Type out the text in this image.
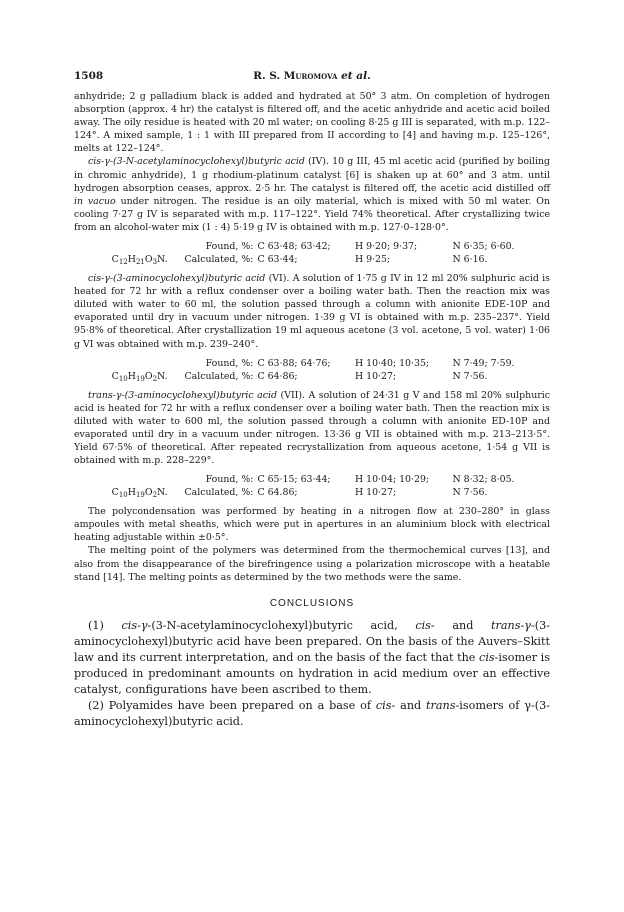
1508	R. S. Muromova et al.

anhydride; 2 g palladium black is added and hydrated at 50° 3 atm. On completion of hydrogen absorption (approx. 4 hr) the catalyst is filtered off, and the acetic anhydride and acetic acid boiled away. The oily residue is heated with 20 ml water; on cooling 8·25 g III is separated, with m.p. 122–124°. A mixed sample, 1 : 1 with III prepared from II according to [4] and having m.p. 125–126°, melts at 122–124°.

cis-γ-(3-N-acetylaminocyclohexyl)butyric acid (IV). 10 g III, 45 ml acetic acid (purified by boiling in chromic anhydride), 1 g rhodium-platinum catalyst [6] is shaken up at 60° and 3 atm. until hydrogen absorption ceases, approx. 2·5 hr. The catalyst is filtered off, the acetic acid distilled off in vacuo under nitrogen. The residue is an oily material, which is mixed with 50 ml water. On cooling 7·27 g IV is separated with m.p. 117–122°. Yield 74% theoretical. After crystallizing twice from an alcohol-water mix (1 : 4) 5·19 g IV is obtained with m.p. 127·0–128·0°.

Found, %: C 63·48; 63·42;	H 9·20; 9·37;	N 6·35; 6·60.
$C_{12}H_{21}O_3N$.	Calculated, %: C 63·44;	H 9·25;	N 6·16.

cis-γ-(3-aminocyclohexyl)butyric acid (VI). A solution of 1·75 g IV in 12 ml 20% sulphuric acid is heated for 72 hr with a reflux condenser over a boiling water bath. Then the reaction mix was diluted with water to 60 ml, the solution passed through a column with anionite EDE-10P and evaporated until dry in vacuum under nitrogen. 1·39 g VI is obtained with m.p. 235–237°. Yield 95·8% of theoretical. After crystallization 19 ml aqueous acetone (3 vol. acetone, 5 vol. water) 1·06 g VI was obtained with m.p. 239–240°.

Found, %: C 63·88; 64·76;	H 10·40; 10·35;	N 7·49; 7·59.
$C_{10}H_{19}O_2N$.	Calculated, %: C 64·86;	H 10·27;	N 7·56.

trans-γ-(3-aminocyclohexyl)butyric acid (VII). A solution of 24·31 g V and 158 ml 20% sulphuric acid is heated for 72 hr with a reflux condenser over a boiling water bath. Then the reaction mix is diluted with water to 600 ml, the solution passed through a column with anionite ED-10P and evaporated until dry in a vacuum under nitrogen. 13·36 g VII is obtained with m.p. 213–213·5°. Yield 67·5% of theoretical. After repeated recrystallization from aqueous acetone, 1·54 g VII is obtained with m.p. 228–229°.

Found, %: C 65·15; 63·44;	H 10·04; 10·29;	N 8·32; 8·05.
$C_{10}H_{19}O_2N$.	Calculated, %: C 64.86;	H 10·27;	N 7·56.

The polycondensation was performed by heating in a nitrogen flow at 230–280° in glass ampoules with metal sheaths, which were put in apertures in an aluminium block with electrical heating adjustable within ±0·5°.

The melting point of the polymers was determined from the thermochemical curves [13], and also from the disappearance of the birefringence using a polarization microscope with a heatable stand [14]. The melting points as determined by the two methods were the same.

CONCLUSIONS

(1) cis-γ-(3-N-acetylaminocyclohexyl)butyric acid, cis- and trans-γ-(3-aminocyclohexyl)butyric acid have been prepared. On the basis of the Auvers–Skitt law and its current interpretation, and on the basis of the fact that the cis-isomer is produced in predominant amounts on hydration in acid medium over an effective catalyst, configurations have been ascribed to them.

(2) Polyamides have been prepared on a base of cis- and trans-isomers of γ-(3-aminocyclohexyl)butyric acid.
